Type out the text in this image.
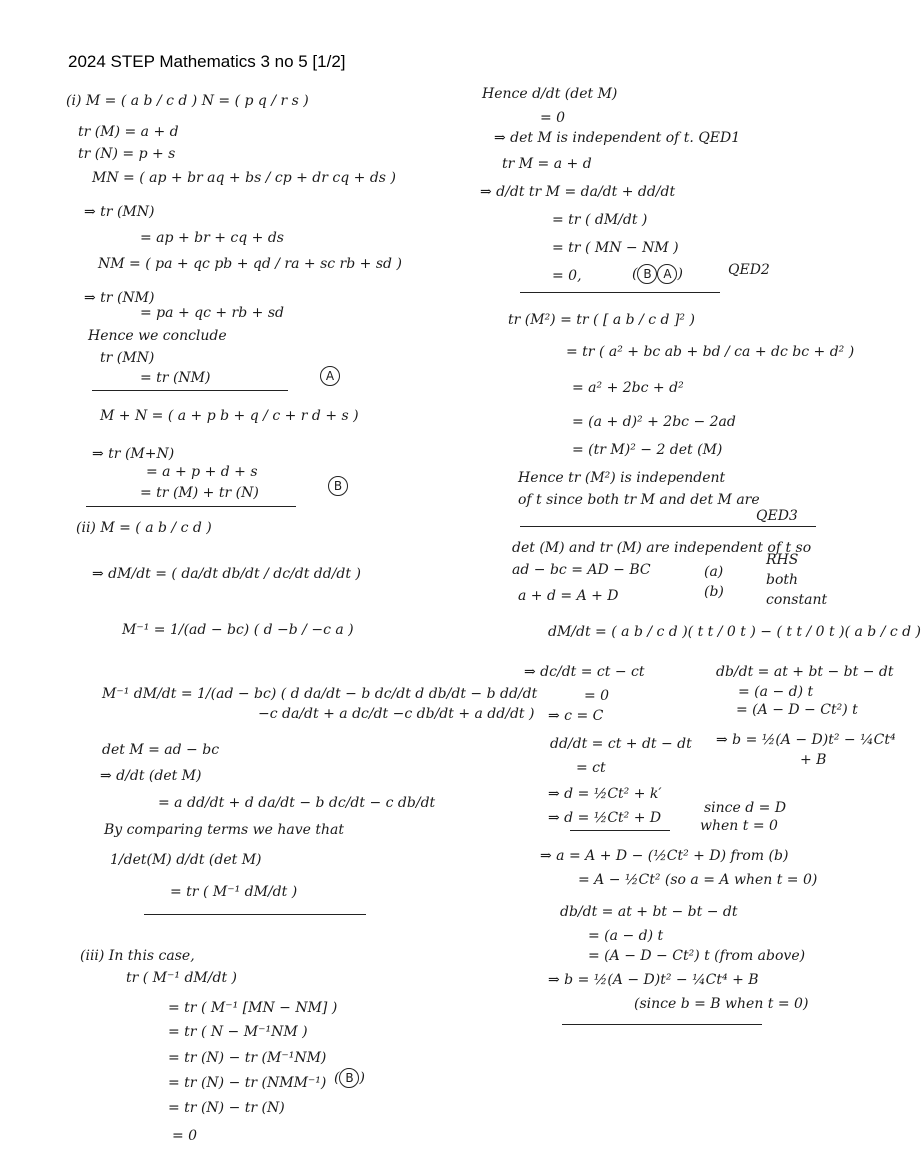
2024 STEP Mathematics 3 no 5 [1/2]
(i) M = ( a b / c d ) N = ( p q / r s )
tr (M) = a + d
tr (N) = p + s
MN = ( ap + br aq + bs / cp + dr cq + ds )
⇒ tr (MN)
= ap + br + cq + ds
NM = ( pa + qc pb + qd / ra + sc rb + sd )
⇒ tr (NM)
= pa + qc + rb + sd
Hence we conclude
tr (MN)
= tr (NM)
M + N = ( a + p b + q / c + r d + s )
⇒ tr (M+N)
= a + p + d + s
= tr (M) + tr (N)
(ii) M = ( a b / c d )
⇒ dM/dt = ( da/dt db/dt / dc/dt dd/dt )
M⁻¹ = 1/(ad − bc) ( d −b / −c a )
M⁻¹ dM/dt = 1/(ad − bc) ( d da/dt − b dc/dt d db/dt − b dd/dt
−c da/dt + a dc/dt −c db/dt + a dd/dt )
det M = ad − bc
⇒ d/dt (det M)
= a dd/dt + d da/dt − b dc/dt − c db/dt
By comparing terms we have that
1/det(M) d/dt (det M)
= tr ( M⁻¹ dM/dt )
(iii) In this case,
tr ( M⁻¹ dM/dt )
= tr ( M⁻¹ [MN − NM] )
= tr ( N − M⁻¹NM )
= tr (N) − tr (M⁻¹NM)
= tr (N) − tr (NMM⁻¹)
= tr (N) − tr (N)
= 0
Hence d/dt (det M)
= 0
⇒ det M is independent of t. QED1
tr M = a + d
⇒ d/dt tr M = da/dt + dd/dt
= tr ( dM/dt )
= tr ( MN − NM )
= 0,	QED2
tr (M²) = tr ( [ a b / c d ]² )
= tr ( a² + bc ab + bd / ca + dc bc + d² )
= a² + 2bc + d²
= (a + d)² + 2bc − 2ad
= (tr M)² − 2 det (M)
Hence tr (M²) is independent
of t since both tr M and det M are
QED3
det (M) and tr (M) are independent of t so
ad − bc = AD − BC	(a)
a + d = A + D	(b)
RHS
both
constant
dM/dt = ( a b / c d )( t t / 0 t ) − ( t t / 0 t )( a b / c d )
⇒ dc/dt = ct − ct
= 0
⇒ c = C
dd/dt = ct + dt − dt
= ct
⇒ d = ½Ct² + k′
⇒ d = ½Ct² + D
since d = D
when t = 0
⇒ a = A + D − (½Ct² + D) from (b)
= A − ½Ct² (so a = A when t = 0)
db/dt = at + bt − bt − dt
= (a − d) t
= (A − D − Ct²) t (from above)
⇒ b = ½(A − D)t² − ¼Ct⁴ + B
(since b = B when t = 0)
db/dt = at + bt − bt − dt
= (a − d) t
= (A − D − Ct²) t
⇒ b = ½(A − D)t² − ¼Ct⁴
+ B
A
B
( B A )
( B )
